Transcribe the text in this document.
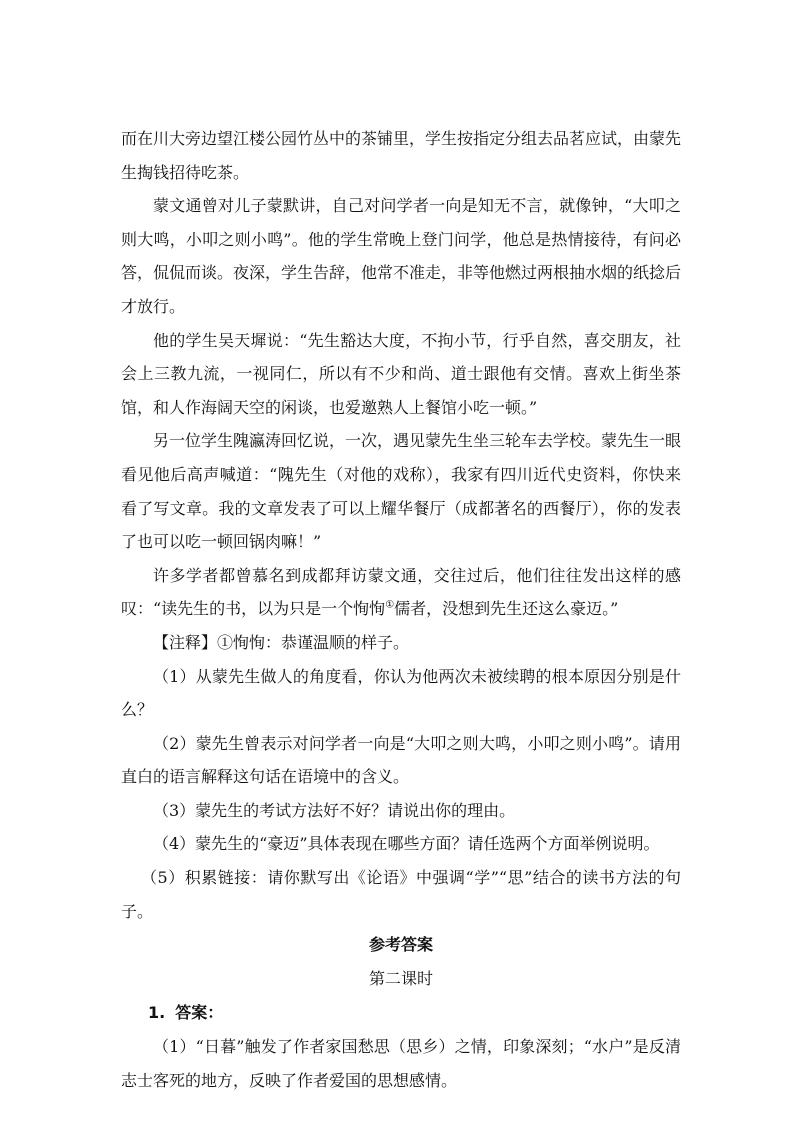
而在川大旁边望江楼公园竹丛中的茶铺里，学生按指定分组去品茗应试，由蒙先生掏钱招待吃茶。

蒙文通曾对儿子蒙默讲，自己对问学者一向是知无不言，就像钟，“大叩之则大鸣，小叩之则小鸣”。他的学生常晚上登门问学，他总是热情接待，有问必答，侃侃而谈。夜深，学生告辞，他常不准走，非等他燃过两根抽水烟的纸捻后才放行。

他的学生吴天墀说：“先生豁达大度，不拘小节，行乎自然，喜交朋友，社会上三教九流，一视同仁，所以有不少和尚、道士跟他有交情。喜欢上街坐茶馆，和人作海阔天空的闲谈，也爱邀熟人上餐馆小吃一顿。”

另一位学生隗瀛涛回忆说，一次，遇见蒙先生坐三轮车去学校。蒙先生一眼看见他后高声喊道：“隗先生（对他的戏称），我家有四川近代史资料，你快来看了写文章。我的文章发表了可以上耀华餐厅（成都著名的西餐厅），你的发表了也可以吃一顿回锅肉嘛！”

许多学者都曾慕名到成都拜访蒙文通，交往过后，他们往往发出这样的感叹：“读先生的书，以为只是一个恂恂①儒者，没想到先生还这么豪迈。”

【注释】①恂恂：恭谨温顺的样子。

（1）从蒙先生做人的角度看，你认为他两次未被续聘的根本原因分别是什么？

（2）蒙先生曾表示对问学者一向是“大叩之则大鸣，小叩之则小鸣”。请用直白的语言解释这句话在语境中的含义。

（3）蒙先生的考试方法好不好？请说出你的理由。

（4）蒙先生的“豪迈”具体表现在哪些方面？请任选两个方面举例说明。

（5）积累链接：请你默写出《论语》中强调“学”“思”结合的读书方法的句子。

参考答案

第二课时

1. 答案：

（1）“日暮”触发了作者家国愁思（思乡）之情，印象深刻；“水户”是反清志士客死的地方，反映了作者爱国的思想感情。
